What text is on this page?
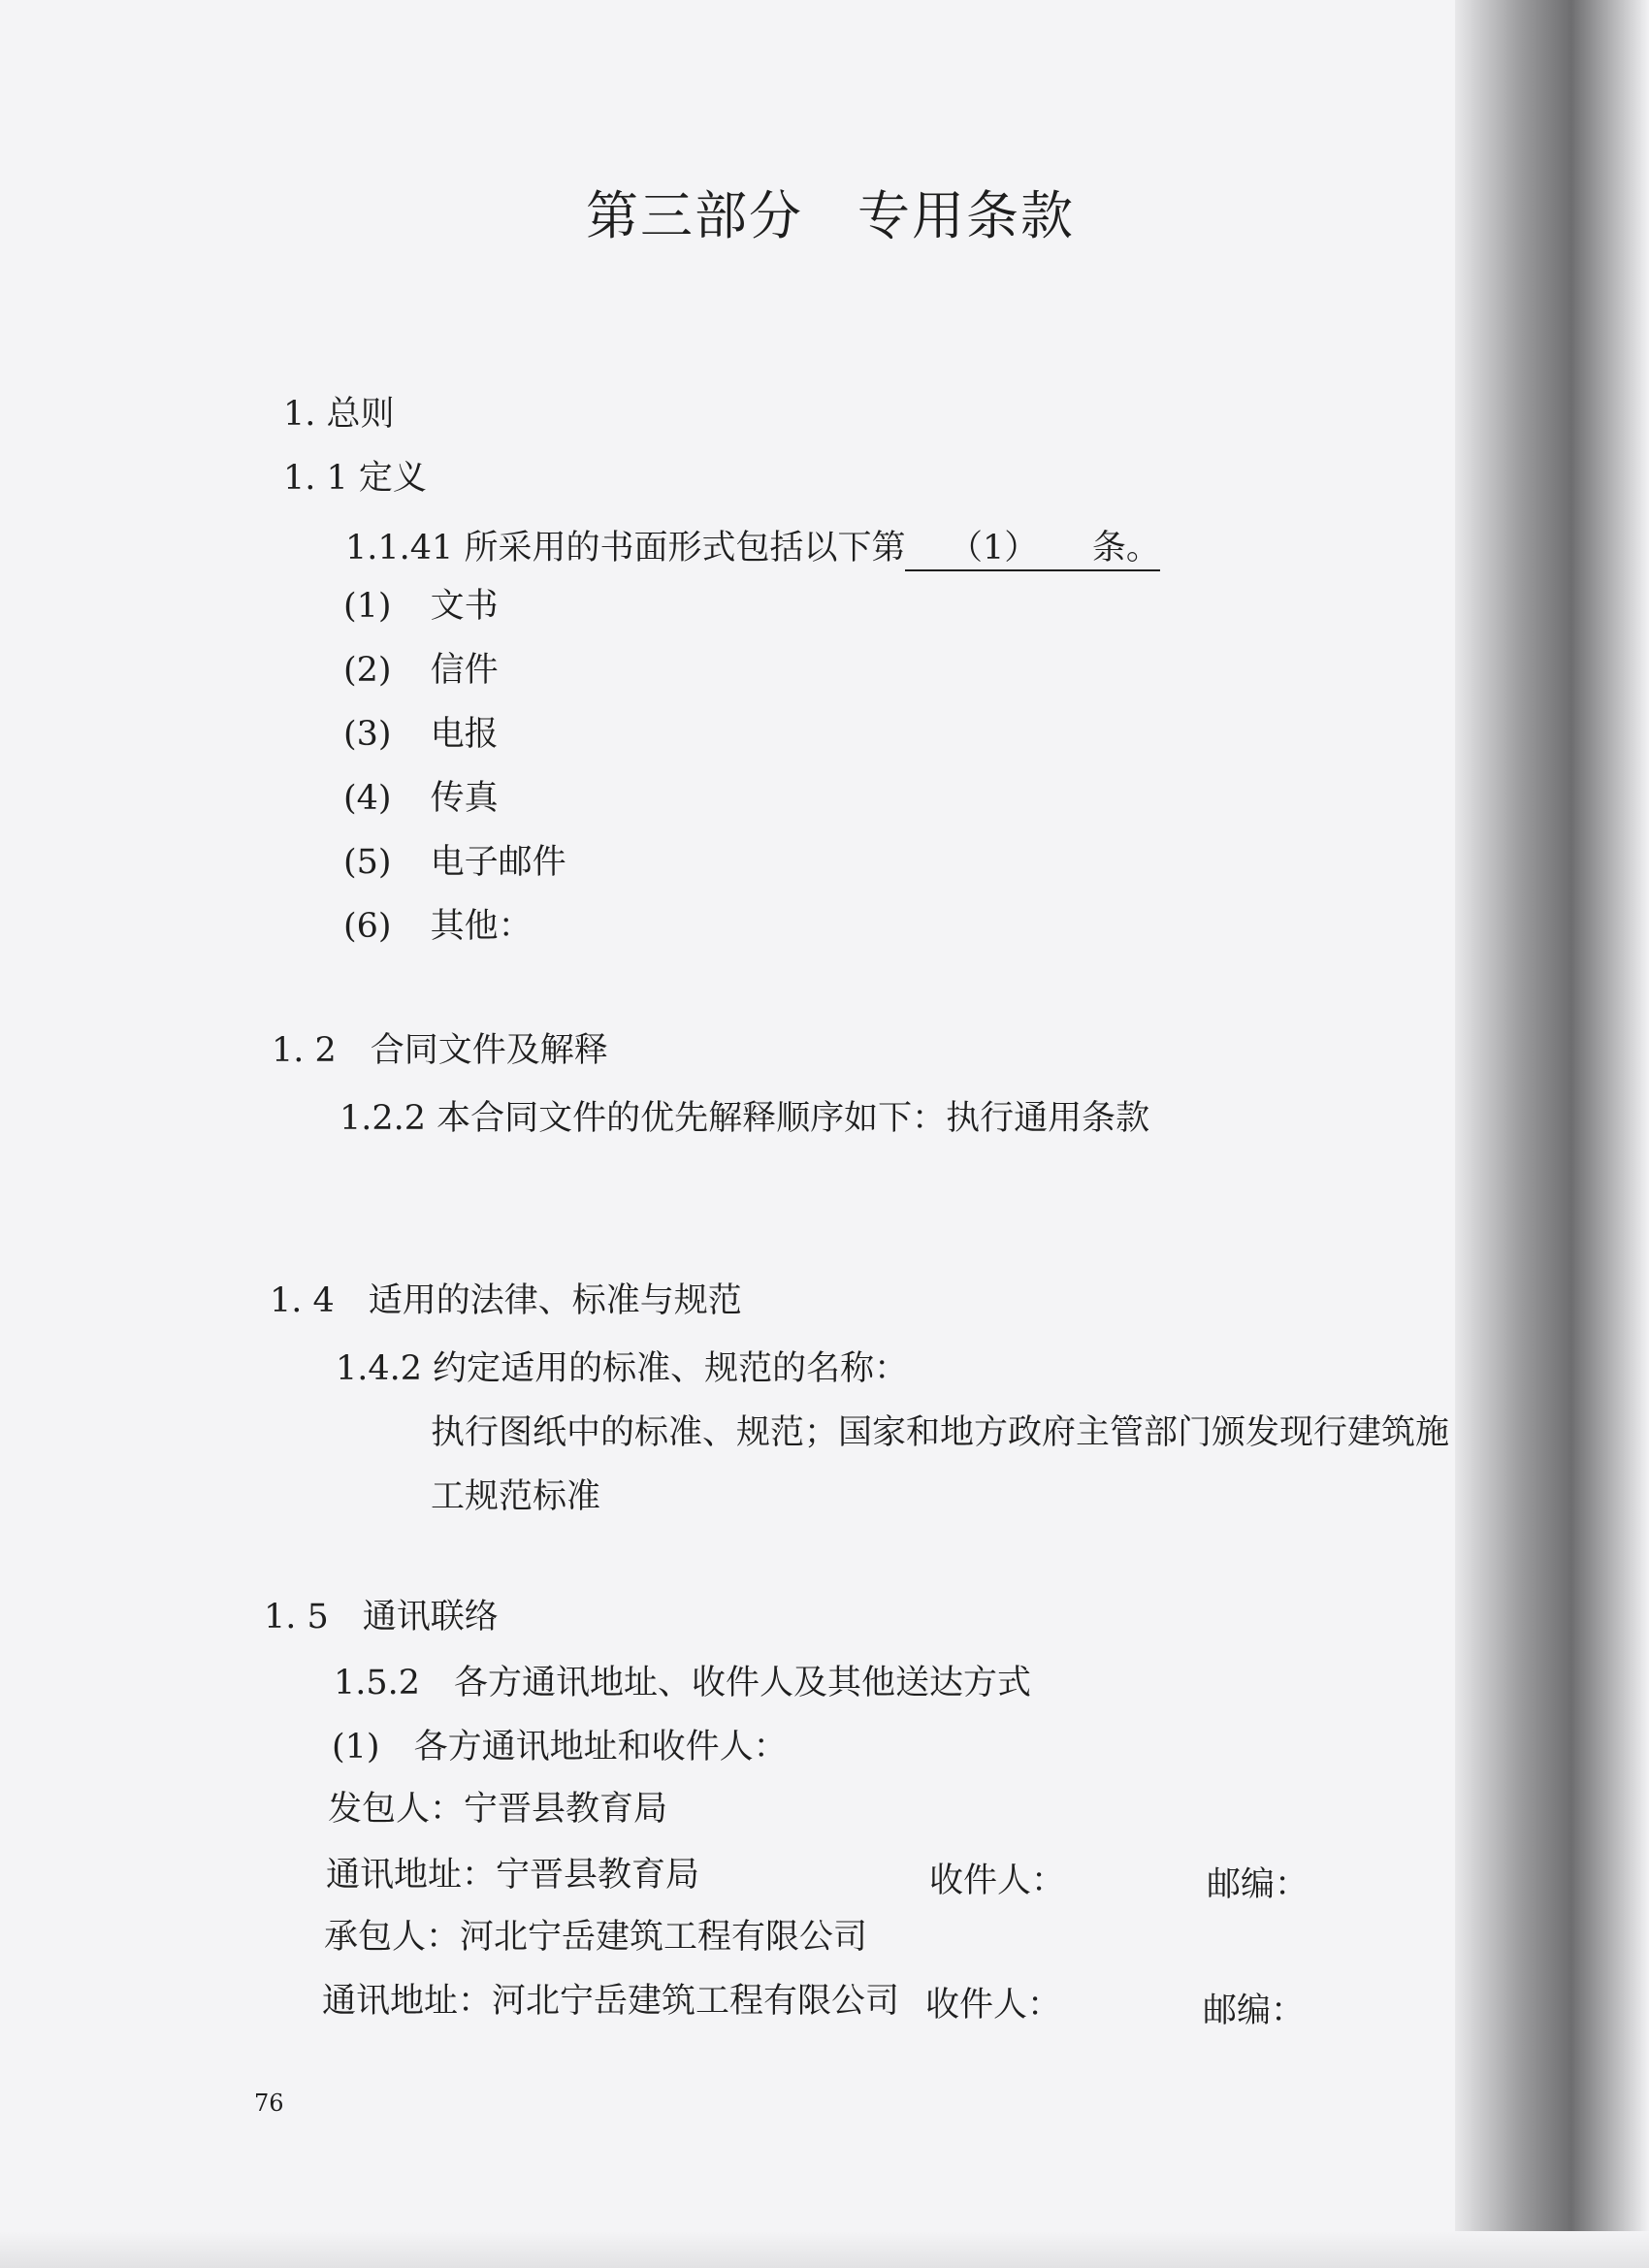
第三部分　专用条款
1. 总则
1. 1 定义
1.1.41 所采用的书面形式包括以下第 （1） 条。
(1) 文书
(2) 信件
(3) 电报
(4) 传真
(5) 电子邮件
(6) 其他：
1. 2　合同文件及解释
1.2.2 本合同文件的优先解释顺序如下：执行通用条款
1. 4　适用的法律、标准与规范
1.4.2 约定适用的标准、规范的名称：
执行图纸中的标准、规范；国家和地方政府主管部门颁发现行建筑施
工规范标准
1. 5　通讯联络
1.5.2　各方通讯地址、收件人及其他送达方式
(1)　各方通讯地址和收件人：
发包人：宁晋县教育局
通讯地址：宁晋县教育局	收件人：	邮编：
承包人：河北宁岳建筑工程有限公司
通讯地址：河北宁岳建筑工程有限公司 收件人：	邮编：
76
